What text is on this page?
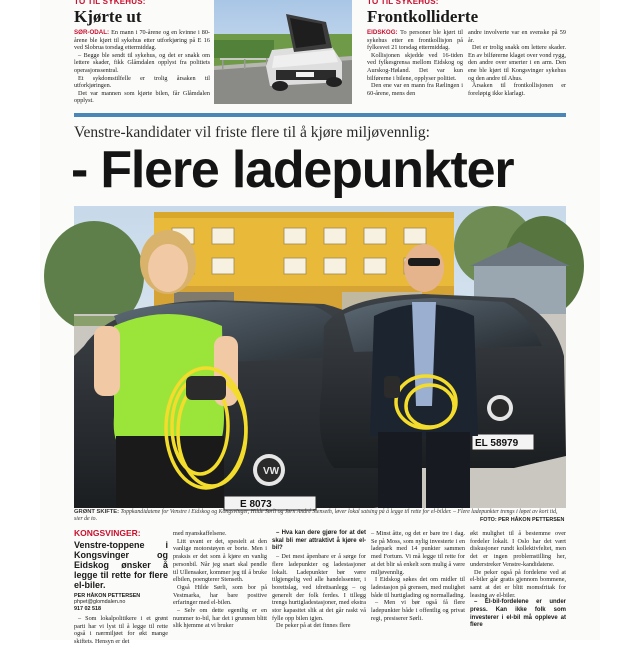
TO TIL SYKEHUS:
Kjørte ut

SØR-ODAL: En mann i 70-årene og en kvinne i 80-årene ble kjørt til sykehus etter utforkjøring på E 16 ved Slobrua torsdag ettermiddag.

– Begge ble sendt til sykehus, og det er snakk om lettere skader, fikk Glåmdalen opplyst fra politiets operasjonssentral.

Et sykdomstilfelle er trolig årsaken til utforkjøringen.

Det var mannen som kjørte bilen, får Glåmdalen opplyst.

TO TIL SYKEHUS:
Frontkolliderte

EIDSKOG: To personer ble kjørt til sykehus etter en frontkollisjon på fylkesvei 21 torsdag ettermiddag.

Kollisjonen skjedde ved 16-tiden ved fylkesgrensa mellom Eidskog og Aurskog-Høland. Det var kun bilførerne i bilene, opplyser politiet.

Den ene var en mann fra Rælingen i 60-årene, mens den

andre involverte var en svenske på 59 år.

Det er trolig snakk om lettere skader. En av bilførerne klaget over vond rygg, den andre over smerter i en arm. Den ene ble kjørt til Kongsvinger sykehus og den andre til Ahus.

Årsaken til frontkollisjonen er foreløpig ikke klarlagt.

Venstre-kandidater vil friste flere til å kjøre miljøvennlig:
- Flere ladepunkter
VW
E 8073
EL 58979
GRØNT SKIFTE: Toppkandidatene for Venstre i Eidskog og Kongsvinger, Hilde Sørli og Jørn André Stenseth, løver lokal satsing på å legge til rette for el-bilder. – Flere ladepunkter trengs i løpet av kort tid, sier de to.	FOTO: PER HÅKON PETTERSEN
KONGSVINGER:
Venstre-toppene i Kongsvinger og Eidskog ønsker å legge til rette for flere el-biler.
PER HÅKON PETTERSEN
phpet@glomdalen.no
917 02 518

– Som lokalpolitikere i et grønt parti har vi lyst til å legge til rette også i nærmiljøet for økt mange skiftets. Hensyn er det

med nyanskaffelsene.

Litt uvant er det, spesielt at den vanlige motorstøyen er borte. Men i praksis er det som å kjøre en vanlig personbil. Når jeg snart skal pendle til Ullensaker, kommer jeg til å bruke elbilen, poengterer Stenseth.

Også Hilde Sørli, som bor på Vestmarka, har bare positive erfaringer med el-bilen.

– Selv om dette egentlig er en nummer to-bil, har det i grunnen blitt slik hjemme at vi bruker

– Hva kan dere gjøre for at det skal bli mer attraktivt å kjøre el-bil?

– Det mest åpenbare er å sørge for flere ladepunkter og ladestasjoner lokalt. Ladepunkter bør være tilgjengelig ved alle handelssenter, i borettslag, ved idrettsanlegg – og generelt der folk ferdes. I tillegg trengs hurtigladestasjoner, med ekstra stor kapasitet slik at det går raskt vå fylle opp bilen igjen.

De peker på at det finnes flere

– Minst åtte, og det er bare tre i dag. Se på Moss, som nylig investerte i en ladepark med 14 punkter sammen med Fortum. Vi må legge til rette for at det blir så enkelt som mulig å være miljøvennlig.

I Eidskog søkes det om midler til ladestasjon på grensen, med mulighet både til hurtiglading og normallading.

– Men vi bør også få flere ladepunkter både i offentlig og privat regi, presiserer Sørli.

økt mulighet til å bestemme over fordeler lokalt. I Oslo har det vært diskusjoner rundt kollektivfeltet, men det er ingen problemstilling her, understreker Venstre-kandidatene.

De peker også på fordelene ved at el-biler går gratis gjennom bommene, samt at det er blitt momsfritak for leasing av el-biler.

– El-bil-fordelene er under press. Kan ikke folk som investerer i el-bil må oppleve at flere
